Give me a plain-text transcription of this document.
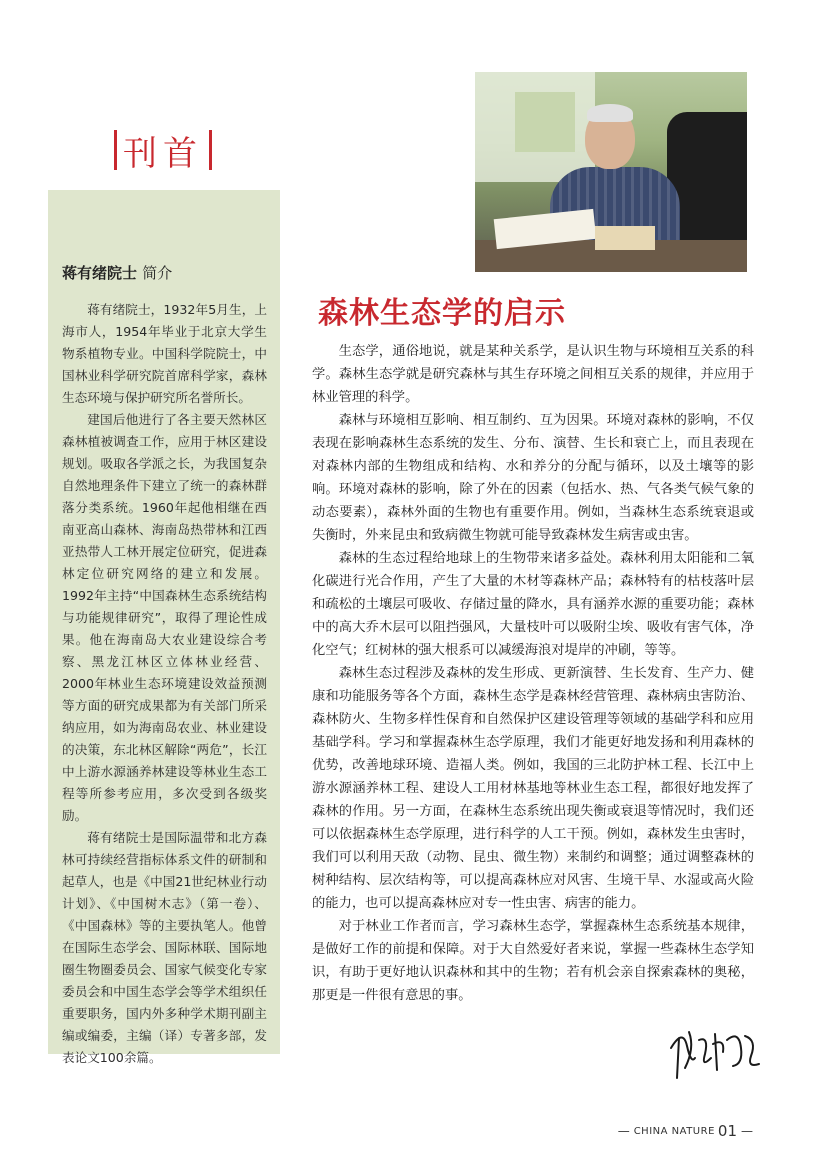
刊首
蒋有绪院士 简介

蒋有绪院士，1932年5月生，上海市人，1954年毕业于北京大学生物系植物专业。中国科学院院士，中国林业科学研究院首席科学家，森林生态环境与保护研究所名誉所长。

建国后他进行了各主要天然林区森林植被调查工作，应用于林区建设规划。吸取各学派之长，为我国复杂自然地理条件下建立了统一的森林群落分类系统。1960年起他相继在西南亚高山森林、海南岛热带林和江西亚热带人工林开展定位研究，促进森林定位研究网络的建立和发展。1992年主持“中国森林生态系统结构与功能规律研究”，取得了理论性成果。他在海南岛大农业建设综合考察、黑龙江林区立体林业经营、2000年林业生态环境建设效益预测等方面的研究成果都为有关部门所采纳应用，如为海南岛农业、林业建设的决策，东北林区解除“两危”，长江中上游水源涵养林建设等林业生态工程等所参考应用，多次受到各级奖励。

蒋有绪院士是国际温带和北方森林可持续经营指标体系文件的研制和起草人，也是《中国21世纪林业行动计划》、《中国树木志》（第一卷）、《中国森林》等的主要执笔人。他曾在国际生态学会、国际林联、国际地圈生物圈委员会、国家气候变化专家委员会和中国生态学会等学术组织任重要职务，国内外多种学术期刊副主编或编委，主编（译）专著多部，发表论文100余篇。

森林生态学的启示

生态学，通俗地说，就是某种关系学，是认识生物与环境相互关系的科学。森林生态学就是研究森林与其生存环境之间相互关系的规律，并应用于林业管理的科学。

森林与环境相互影响、相互制约、互为因果。环境对森林的影响，不仅表现在影响森林生态系统的发生、分布、演替、生长和衰亡上，而且表现在对森林内部的生物组成和结构、水和养分的分配与循环，以及土壤等的影响。环境对森林的影响，除了外在的因素（包括水、热、气各类气候气象的动态要素），森林外面的生物也有重要作用。例如，当森林生态系统衰退或失衡时，外来昆虫和致病微生物就可能导致森林发生病害或虫害。

森林的生态过程给地球上的生物带来诸多益处。森林利用太阳能和二氧化碳进行光合作用，产生了大量的木材等森林产品；森林特有的枯枝落叶层和疏松的土壤层可吸收、存储过量的降水，具有涵养水源的重要功能；森林中的高大乔木层可以阻挡强风，大量枝叶可以吸附尘埃、吸收有害气体，净化空气；红树林的强大根系可以减缓海浪对堤岸的冲刷，等等。

森林生态过程涉及森林的发生形成、更新演替、生长发育、生产力、健康和功能服务等各个方面，森林生态学是森林经营管理、森林病虫害防治、森林防火、生物多样性保育和自然保护区建设管理等领域的基础学科和应用基础学科。学习和掌握森林生态学原理，我们才能更好地发扬和利用森林的优势，改善地球环境、造福人类。例如，我国的三北防护林工程、长江中上游水源涵养林工程、建设人工用材林基地等林业生态工程，都很好地发挥了森林的作用。另一方面，在森林生态系统出现失衡或衰退等情况时，我们还可以依据森林生态学原理，进行科学的人工干预。例如，森林发生虫害时，我们可以利用天敌（动物、昆虫、微生物）来制约和调整；通过调整森林的树种结构、层次结构等，可以提高森林应对风害、生境干旱、水湿或高火险的能力，也可以提高森林应对专一性虫害、病害的能力。

对于林业工作者而言，学习森林生态学，掌握森林生态系统基本规律，是做好工作的前提和保障。对于大自然爱好者来说，掌握一些森林生态学知识，有助于更好地认识森林和其中的生物；若有机会亲自探索森林的奥秘，那更是一件很有意思的事。

— CHINA NATURE 01 —
